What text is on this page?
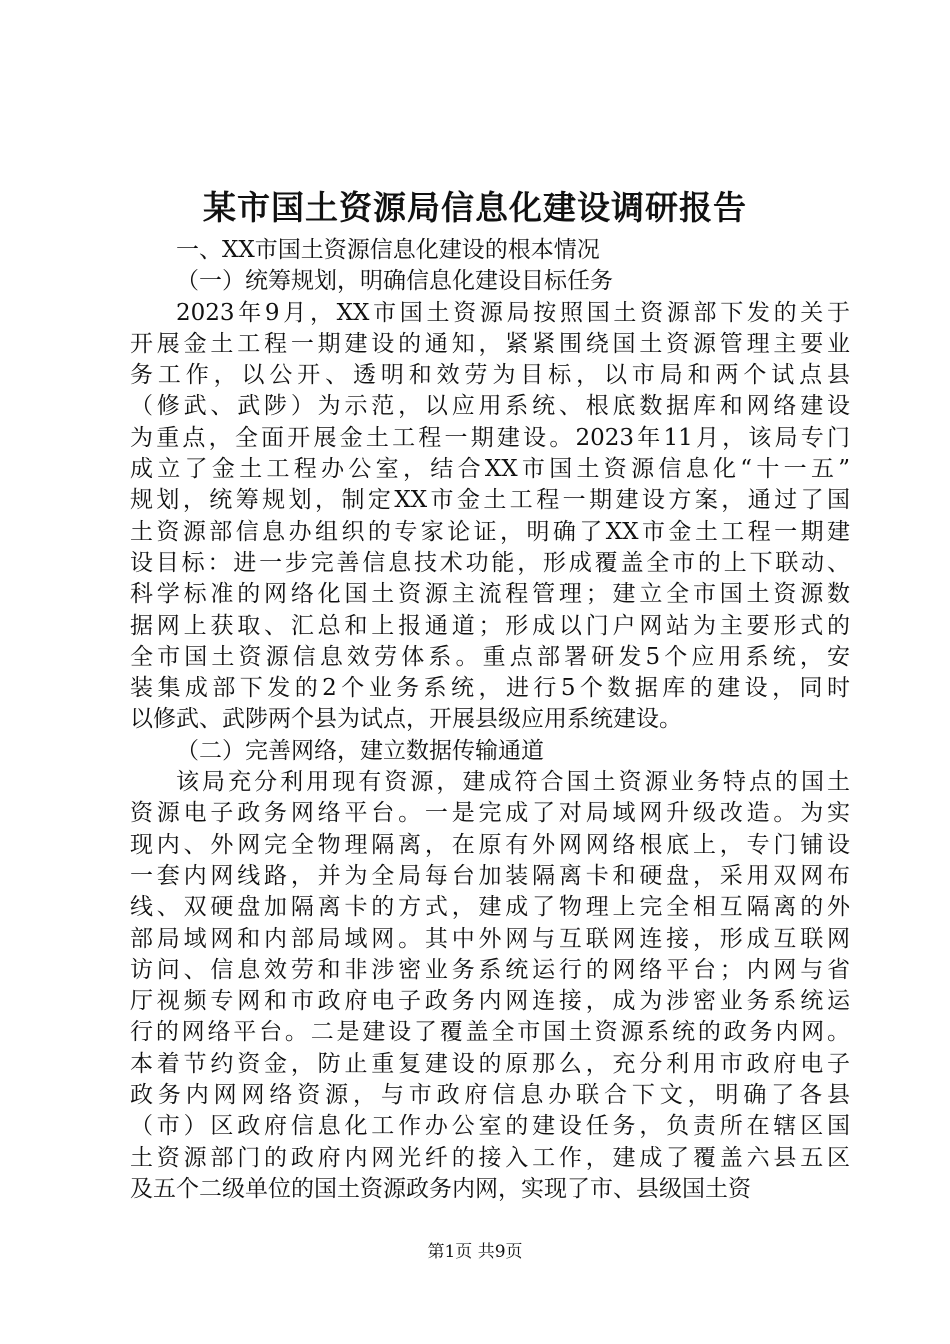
某市国土资源局信息化建设调研报告
一、XX市国土资源信息化建设的根本情况
（一）统筹规划，明确信息化建设目标任务
2023年9月，XX市国土资源局按照国土资源部下发的关于
开展金土工程一期建设的通知，紧紧围绕国土资源管理主要业
务工作，以公开、透明和效劳为目标，以市局和两个试点县
（修武、武陟）为示范，以应用系统、根底数据库和网络建设
为重点，全面开展金土工程一期建设。2023年11月，该局专门
成立了金土工程办公室，结合XX市国土资源信息化“十一五”
规划，统筹规划，制定XX市金土工程一期建设方案，通过了国
土资源部信息办组织的专家论证，明确了XX市金土工程一期建
设目标：进一步完善信息技术功能，形成覆盖全市的上下联动、
科学标准的网络化国土资源主流程管理；建立全市国土资源数
据网上获取、汇总和上报通道；形成以门户网站为主要形式的
全市国土资源信息效劳体系。重点部署研发5个应用系统，安
装集成部下发的2个业务系统，进行5个数据库的建设，同时
以修武、武陟两个县为试点，开展县级应用系统建设。
（二）完善网络，建立数据传输通道
该局充分利用现有资源，建成符合国土资源业务特点的国土
资源电子政务网络平台。一是完成了对局域网升级改造。为实
现内、外网完全物理隔离，在原有外网网络根底上，专门铺设
一套内网线路，并为全局每台加装隔离卡和硬盘，采用双网布
线、双硬盘加隔离卡的方式，建成了物理上完全相互隔离的外
部局域网和内部局域网。其中外网与互联网连接，形成互联网
访问、信息效劳和非涉密业务系统运行的网络平台；内网与省
厅视频专网和市政府电子政务内网连接，成为涉密业务系统运
行的网络平台。二是建设了覆盖全市国土资源系统的政务内网。
本着节约资金，防止重复建设的原那么，充分利用市政府电子
政务内网网络资源，与市政府信息办联合下文，明确了各县
（市）区政府信息化工作办公室的建设任务，负责所在辖区国
土资源部门的政府内网光纤的接入工作，建成了覆盖六县五区
及五个二级单位的国土资源政务内网，实现了市、县级国土资
第1页 共9页
